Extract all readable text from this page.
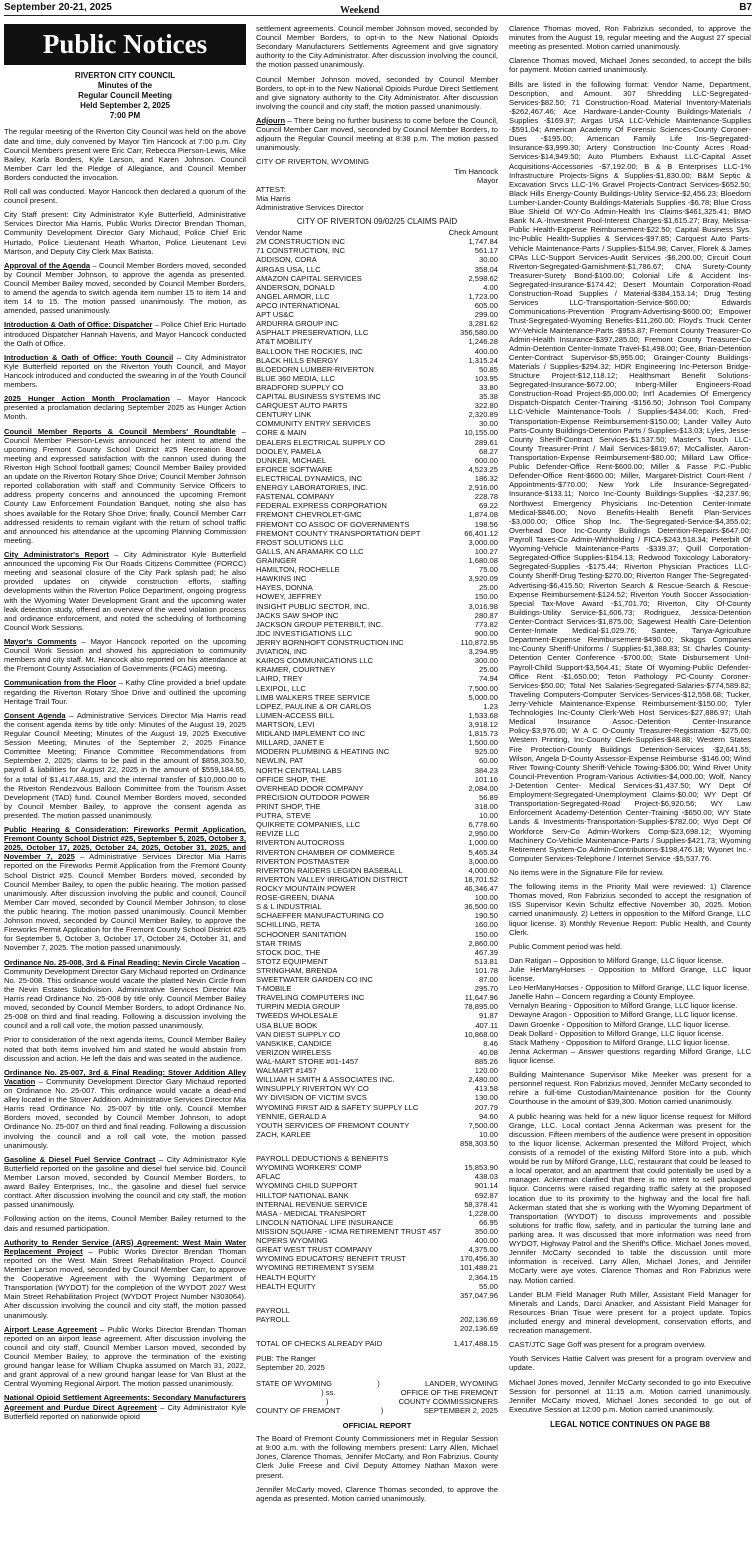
September 20-21, 2025	Weekend	B7
Public Notices
RIVERTON CITY COUNCIL
Minutes of the
Regular Council Meeting
Held September 2, 2025
7:00 PM

The regular meeting of the Riverton City Council was held on the above date and time, duly convened by Mayor Tim Hancock at 7:00 p.m. City Council Members present were Eric Carr, Rebecca Pierson-Lewis, Mike Bailey, Karla Borders, Kyle Larson, and Karen Johnson. Council Member Carr led the Pledge of Allegiance, and Council Member Borders conducted the invocation.

Roll call was conducted. Mayor Hancock then declared a quorum of the council present.

City Staff present: City Administrator Kyle Butterfield, Administrative Services Director Mia Harris, Public Works Director Brendan Thoman, Community Development Director Gary Michaud, Police Chief Eric Hurtado, Police Lieutenant Heath Wharton, Police Lieutenant Levi Martson, and Deputy City Clerk Max Batista.

Approval of the Agenda – Council Member Borders moved, seconded by Council Member Johnson, to approve the agenda as presented. Council Member Bailey moved, seconded by Council Member Borders, to amend the agenda to switch agenda item number 15 to item 14 and item 14 to 15. The motion passed unanimously. The motion, as amended, passed unanimously.

Introduction & Oath of Office: Dispatcher – Police Chief Eric Hurtado introduced Dispatcher Hannah Havens, and Mayor Hancock conducted the Oath of Office.

Introduction & Oath of Office: Youth Council – City Administrator Kyle Butterfield reported on the Riverton Youth Council, and Mayor Hancock introduced and conducted the swearing in of the Youth Council members.

2025 Hunger Action Month Proclamation – Mayor Hancock presented a proclamation declaring September 2025 as Hunger Action Month.

Council Member Reports & Council Members' Roundtable – Council Member Pierson-Lewis announced her intent to attend the upcoming Fremont County School District #25 Recreation Board meeting and expressed satisfaction with the cannon used during the Riverton High School football games; Council Member Bailey provided an update on the Riverton Rotary Shoe Drive; Council Member Johnson reported collaboration with staff and Community Service Officers to address property concerns and announced the upcoming Fremont County Law Enforcement Foundation Banquet, noting she also has shoes available for the Rotary Shoe Drive; finally, Council Member Carr addressed residents to remain vigilant with the return of school traffic and announced his attendance at the upcoming Planning Commission meeting.

City Administrator's Report – City Administrator Kyle Butterfield announced the upcoming Fix Our Roads Citizens Committee (FORCC) meeting and seasonal closure of the City Park splash pad; he also provided updates on citywide construction efforts, staffing developments within the Riverton Police Department, ongoing progress with the Wyoming Water Development Grant and the upcoming water leak detection study, offered an overview of the weed violation process and ordinance enforcement, and noted the scheduling of forthcoming Council Work Sessions.

Mayor's Comments – Mayor Hancock reported on the upcoming Council Work Session and showed his appreciation to community members and city staff. Mr. Hancock also reported on his attendance at the Fremont County Association of Governments (FCAG) meeting.

Communication from the Floor – Kathy Cline provided a brief update regarding the Riverton Rotary Shoe Drive and outlined the upcoming Heritage Trail Tour.

Consent Agenda – Administrative Services Director Mia Harris read the consent agenda items by title only: Minutes of the August 19, 2025 Regular Council Meeting; Minutes of the August 19, 2025 Executive Session Meeting; Minutes of the September 2, 2025 Finance Committee Meeting; Finance Committee Recommendations from September 2, 2025; claims to be paid in the amount of $858,303.50, payroll & liabilities for August 22, 2025 in the amount of $559,184.65, for a total of $1,417,488.15, and the internal transfer of $10,000.00 to the Riverton Rendezvous Balloon Committee from the Tourism Asset Development (TAD) fund. Council Member Borders moved, seconded by Council Member Bailey, to approve the consent agenda as presented. The motion passed unanimously.

Public Hearing & Consideration: Fireworks Permit Application, Fremont County School District #25, September 5, 2025, October 3, 2025, October 17, 2025, October 24, 2025, October 31, 2025, and November 7, 2025 – Administrative Services Director Mia Harris reported on the Fireworks Permit Application from the Fremont County School District #25. Council Member Borders moved, seconded by Council Member Bailey, to open the public hearing. The motion passed unanimously. After discussion involving the public and council, Council Member Carr moved, seconded by Council Member Johnson, to close the public hearing. The motion passed unanimously. Council Member Johnson moved, seconded by Council Member Bailey, to approve the Fireworks Permit Application for the Fremont County School District #25 for September 5, October 3, October 17, October 24, October 31, and November 7, 2025. The motion passed unanimously.

Ordinance No. 25-008, 3rd & Final Reading: Nevin Circle Vacation – Community Development Director Gary Michaud reported on Ordinance No. 25-008. This ordinance would vacate the platted Nevin Circle from the Nevin Estates Subdivision. Administrative Services Director Mia Harris read Ordinance No. 25-008 by title only. Council Member Bailey moved, seconded by Council Member Borders, to adopt Ordinance No. 25-008 on third and final reading. Following a discussion involving the council and a roll call vote, the motion passed unanimously.

Prior to consideration of the next agenda items, Council Member Bailey noted that both items involved him and stated he would abstain from discussion and action. He left the dais and was seated in the audience.

Ordinance No. 25-007, 3rd & Final Reading: Stover Addition Alley Vacation – Community Development Director Gary Michaud reported on Ordinance No. 25-007. This ordinance would vacate a dead-end alley located in the Stover Addition. Administrative Services Director Mia Harris read Ordinance No. 25-007 by title only. Council Member Borders moved, seconded by Council Member Johnson, to adopt Ordinance No. 25-007 on third and final reading. Following a discussion involving the council and a roll call vote, the motion passed unanimously.

Gasoline & Diesel Fuel Service Contract – City Administrator Kyle Butterfield reported on the gasoline and diesel fuel service bid. Council Member Larson moved, seconded by Council Member Borders, to award Bailey Enterprises, Inc., the gasoline and diesel fuel service contract. After discussion involving the council and city staff, the motion passed unanimously.

Following action on the items, Council Member Bailey returned to the dais and resumed participation.

Authority to Render Service (ARS) Agreement: West Main Water Replacement Project – Public Works Director Brendan Thoman reported on the West Main Street Rehabilitation Project. Council Member Larson moved, seconded by Council Member Carr, to approve the Cooperative Agreement with the Wyoming Department of Transportation (WYDOT) for the completion of the WYDOT 2027 West Main Street Rehabilitation Project (WYDOT Project Number N303064). After discussion involving the council and city staff, the motion passed unanimously.

Airport Lease Agreement – Public Works Director Brendan Thoman reported on an airport lease agreement. After discussion involving the council and city staff, Council Member Larson moved, seconded by Council Member Bailey, to approve the termination of the existing ground hangar lease for William Chupka assumed on March 31, 2022, and grant approval of a new ground hangar lease for Van Blust at the Central Wyoming Regional Airport. The motion passed unanimously.

National Opioid Settlement Agreements: Secondary Manufacturers Agreement and Purdue Direct Agreement – City Administrator Kyle Butterfield reported on nationwide opioid

settlement agreements. Council member Johnson moved, seconded by Council Member Borders, to opt-in to the New National Opioids Secondary Manufacturers Settlements Agreement and give signatory authority to the City Administrator. After discussion involving the council, the motion passed unanimously.

Council Member Johnson moved, seconded by Council Member Borders, to opt-in to the New National Opioids Purdue Direct Settlement and give signatory authority to the City Administrator. After discussion involving the council and city staff, the motion passed unanimously.

Adjourn – There being no further business to come before the Council, Council Member Carr moved, seconded by Council Member Borders, to adjourn the Regular Council meeting at 8:38 p.m. The motion passed unanimously.

CITY OF RIVERTON, WYOMING
Tim Hancock
Mayor
ATTEST:
Mia Harris
Administrative Services Director
CITY OF RIVERTON 09/02/25 CLAIMS PAID
Vendor Name	Check Amount
2M CONSTRUCTION INC	1,747.84
71 CONSTRUCTION, INC	561.17
ADDISON, CORA	30.00
AIRGAS USA, LLC	358.04
AMAZON CAPITAL SERVICES	2,598.62
ANDERSON, DONALD	4.00
ANGEL ARMOR, LLC	1,723.00
APCO INTERNATIONAL	605.00
APT US&C	299.00
ARDURRA GROUP INC	3,281.62
ASPHALT PRESERVATION, LLC	356,580.00
AT&T MOBILITY	1,246.28
BALLOON THE ROCKIES, INC	400.00
BLACK HILLS ENERGY	1,315.24
BLOEDORN LUMBER-RIVERTON	50.85
BLUE 360 MEDIA, LLC	103.95
BRADFORD SUPPLY CO	33.80
CAPITAL BUSINESS SYSTEMS INC	35.38
CARQUEST AUTO PARTS	322.80
CENTURY LINK	2,320.89
COMMUNITY ENTRY SERVICES	30.00
CORE & MAIN	10,155.00
DEALERS ELECTRICAL SUPPLY CO	289.61
DOOLEY, PAMELA	68.27
DUNKER, MICHAEL	600.00
EFORCE SOFTWARE	4,523.25
ELECTRICAL DYNAMICS, INC	186.32
ENERGY LABORATORIES, INC.	2,916.00
FASTENAL COMPANY	228.78
FEDERAL EXPRESS CORPORATION	69.22
FREMONT CHEVROLET-GMC	1,874.08
FREMONT CO ASSOC OF GOVERNMENTS	198.56
FREMONT COUNTY TRANSPORTATION DEPT	66,401.12
FROST SOLUTIONS LLC	3,000.00
GALLS, AN ARAMARK CO LLC	100.27
GRAINGER	1,680.08
HAMILTON, ROCHELLE	75.00
HAWKINS INC	3,920.09
HAYES, DONNA	25.00
HOWEY, JEFFREY	150.00
INSIGHT PUBLIC SECTOR, INC.	3,016.98
JACKS SAW SHOP INC	280.87
JACKSON GROUP PETERBILT, INC.	773.82
JDC INVESTIGATIONS LLC	900.00
JERRY BORNHOFT CONSTRUCTION INC	110,872.95
JVIATION, INC	3,294.95
KAIROS COMMUNICATIONS LLC	300.00
KRAMER, COURTNEY	25.00
LAIRD, TREY	74.94
LEXIPOL, LLC	7,500.00
LIMB WALKERS TREE SERVICE	5,000.00
LOPEZ, PAULINE & OR CARLOS	1.23
LUMEN-ACCESS BILL	1,533.68
MARTSON, LEVI	3,918.12
MIDLAND IMPLEMENT CO INC	1,815.73
MILLARD, JANET E	1,500.00
MODERN PLUMBING & HEATING INC	925.00
NEWLIN, PAT	60.00
NORTH CENTRAL LABS	384.23
OFFICE SHOP, THE	101.16
OVERHEAD DOOR COMPANY	2,084.00
PRECISION OUTDOOR POWER	56.89
PRINT SHOP, THE	318.00
PUTRA, STEVE	10.00
QUIKRETE COMPANIES, LLC	6,778.60
REVIZE LLC	2,950.00
RIVERTON AUTOCROSS	1,000.00
RIVERTON CHAMBER OF COMMERCE	5,465.34
RIVERTON POSTMASTER	3,000.00
RIVERTON RAIDERS LEGION BASEBALL	4,000.00
RIVERTON VALLEY IRRIGATION DISTRICT	18,701.52
ROCKY MOUNTAIN POWER	46,346.47
ROSE-GREEN, DIANA	100.00
S & L INDUSTRIAL	36,500.00
SCHAEFFER MANUFACTURING CO	190.50
SCHILLING, RETA	160.00
SCHOONER SANITATION	150.00
STAR TRIMS	2,860.00
STOCK DOC, THE	467.39
STOTZ EQUIPMENT	513.81
STRINGHAM, BRENDA	101.78
SWEETWATER GARDEN CO INC	87.00
T-MOBILE	295.70
TRAVELING COMPUTERS INC	11,647.96
TURPIN MEDIA GROUP	78,895.00
TWEEDS WHOLESALE	91.87
USA BLUE BOOK	407.11
VAN DIEST SUPPLY CO	10,868.00
VANSKIKE, CANDICE	8.46
VERIZON WIRELESS	40.08
WAL-MART STORE #01-1457	885.26
WALMART #1457	120.00
WILLIAM H SMITH & ASSOCIATES INC.	2,480.00
WINSUPPLY RIVERTON WY CO	413.58
WY DIVISION OF VICTIM SVCS	130.00
WYOMING FIRST AID & SAFETY SUPPLY LLC	207.79
YENNIE, GERALD A	94.60
YOUTH SERVICES OF FREMONT COUNTY	7,500.00
ZACH, KARLEE	10.00
858,303.50
PAYROLL DEDUCTIONS & BENEFITS
WYOMING WORKERS' COMP	15,853.90
AFLAC	438.03
WYOMING CHILD SUPPORT	901.14
HILLTOP NATIONAL BANK	692.87
INTERNAL REVENUE SERVICE	58,378.41
MASA - MEDICAL TRANSPORT	1,228.00
LINCOLN NATIONAL LIFE INSURANCE	66.95
MISSION SQUARE - ICMA RETIREMENT TRUST 457	350.00
NCPERS WYOMING	400.00
GREAT WEST TRUST COMPANY	4,375.00
WYOMING EDUCATORS' BENEFIT TRUST	170,456.30
WYOMING RETIREMENT SYSEM	101,488.21
HEALTH EQUITY	2,364.15
HEALTH EQUITY	55.00
357,047.96
PAYROLL
PAYROLL	202,136.69
202,136.69
TOTAL OF CHECKS ALREADY PAID	1,417,488.15
PUB: The Ranger
September 20, 2025
STATE OF WYOMING	)	LANDER, WYOMING
) ss.	OFFICE OF THE FREMONT
)	COUNTY COMMISSIONERS
COUNTY OF FREMONT	)	SEPTEMBER 2, 2025
OFFICIAL REPORT

The Board of Fremont County Commissioners met in Regular Session at 9:00 a.m. with the following members present: Larry Allen, Michael Jones, Clarence Thomas, Jennifer McCarty, and Ron Fabrizius. County Clerk Julie Freese and Civil Deputy Attorney Nathan Maxon were present.

Jennifer McCarty moved, Clarence Thomas seconded, to approve the agenda as presented. Motion carried unanimously.

Clarence Thomas moved, Ron Fabrizius seconded, to approve the minutes from the August 19, regular meeting and the August 27 special meeting as presented. Motion carried unanimously.

Clarence Thomas moved, Michael Jones seconded, to accept the bills for payment. Motion carried unanimously.

Bills are listed in the following format: Vendor Name, Department, Description, and Amount. 307 Shredding LLC-Segregated-Services-$82.50; 71 Construction-Road Material Inventory-Materials -$262,467.46; Ace Hardware-Lander-County Buildings-Materials / Supplies -$169.97; Airgas USA LLC-Vehicle Maintenance-Supplies -$591.04; American Academy Of Forensic Sciences-County Coroner-Dues -$195.00; American Family Life Ins-Segregated-Insurance-$3,999.30; Artery Construction Inc-County Acres Road-Services-$14,949.50; Auto Plumbers Exhaust LLC-Capital Asset Acquisitions-Accessories -$7,192.00; B & B Enterprises LLC-1% Infrastructure Projects-Signs & Supplies-$1,830.00; B&M Septic & Excavation Srvcs LLC-1% Gravel Projects-Contract Services-$652.50; Black Hills Energy-County Buildings-Utility Service-$2,456.23; Bloedorn Lumber-Lander-County Buildings-Materials Supplies -$6.78; Blue Cross Blue Shield Of WY-Co Admin-Health Ins Claims-$461,325.41; BMO Bank N.A.-Investment Pool-Interest Charges-$1,615.27; Bray, Melissa-Public Health-Expense Reimbursement-$22.50; Capital Business Sys. Inc-Public Health-Supplies & Services-$97.85; Carquest Auto Parts-Vehicle Maintenance-Parts / Supplies-$154.98; Carver, Florek & James CPAs LLC-Support Services-Audit Services -$6,200.00; Circuit Court Riverton-Segregated-Garnishment-$1,786.67; CNA Surety-County Treasurer-Surety Bond-$100.00; Colonial Life & Accident Ins-Segregated-Insurance-$174.42; Desert Mountain Corporation-Road Construction-Road Supplies / Material-$384,153.14; Drug Testing Services LLC-Transportation-Service-$60.00; Edwards Communications-Prevention Program-Advertising-$600.00; Empower Trust-Segregated-Wyoming Benefits-$11,260.00; Floyd's Truck Center WY-Vehicle Maintenance-Parts -$953.87; Fremont County Treasurer-Co Admin-Health Insurance-$397,285.00; Fremont County Treasurer-Co Admin-Detention Center-Inmate Travel-$1,498.00; Gee, Brian-Detention Center-Contract Supervisor-$5,955.00; Grainger-County Buildings-Materials / Supplies-$294.32; HDR Engineering Inc-Peterson Bridge-Structure Project-$12,118.12; Healthsmart Benefit Solutions-Segregated-Insurance-$672.00; Inberg-Miller Engineers-Road Construction-Road Project-$5,000.00; Int'l Academies Of Emergency Dispatch-Dispatch Center-Training -$156.50; Johnson Tool Company LLC-Vehicle Maintenance-Tools / Supplies-$434.00; Koch, Fred-Transportation-Expense Reimbursement-$150.00; Lander Valley Auto Parts-County Buildings-Detention Parts / Supplies-$13.03; Lyles, Jesse-County Sheriff-Contract Services-$1,537.50; Master's Touch LLC-County Treasurer-Print / Mail Services-$819.67; McCallister, Aaron-Transportation-Expense Reimbursement-$80.00; Millard Law Office-Public Defender-Office Rent-$600.00; Miller & Fasse P.C.-Public Defender-Office Rent-$600.00; Miller, Margaret-District Court-Rent / Appointments-$770.00; New York Life Insurance-Segregated-Insurance-$133.11; Norco Inc-County Buildings-Supplies -$2,237.96; Northwest Emergency Physicians Inc-Detention Center-Inmate Medical-$846.00; Novo Benefits-Health Benefit Plan-Services -$3,000.00; Office Shop Inc. The-Segregated-Service-$4,355.02; Overhead Door Inc-County Buildings Detention-Repairs-$647.00; Payroll Taxes-Co Admin-Withholding / FICA-$243,518.34; Peterbilt Of Wyoming-Vehicle Maintenance-Parts -$339.37; Quill Corporation-Segregated-Office Supplies-$154.13; Redwood Toxicology Laboratory-Segregated-Supplies -$175.44; Riverton Physician Practices LLC-County Sheriff-Drug Testing-$270.00; Riverton Ranger The-Segregated-Advertising-$6,415.50; Riverton Search & Rescue-Search & Rescue-Expense Reimbursement-$124.52; Riverton Youth Soccer Association-Special Tax-Move Award -$1,701.70; Riverton, City Of-County Buildings-Utility Service-$1,606.73; Rodriguez, Jessica-Detention Center-Contract Services-$1,875.00; Sagewest Health Care-Detention Center-Inmate Medical-$1,029.76; Santee, Tanya-Agriculture Department-Expense Reimbursement-$490.00; Skaggs Companies Inc-County Sheriff-Uniforms / Supplies-$1,388.83; St. Charles County-Detention Center Conference -$700.00; State Disbursement Unit-Payroll-Child Support-$3,564.41; State Of Wyoming-Public Defender-Office Rent -$1,650.00; Teton Pathology PC-County Coroner-Services-$50.00; Total Net Salaries-Segregated-Salaries-$774,589.82; Traveling Computers-Computer Services-Services-$12,558.68; Tucker, Jerry-Vehicle Maintenance-Expense Reimbursement-$150.00; Tyler Technologies Inc-County Clerk-Web Host Services-$27,886.97; Utah Medical Insurance Assoc.-Detention Center-Insurance Policy-$3,976.00; W A C O-County Treasurer-Registration -$275.00; Western Printing, Inc-County Clerk-Supplies-$48.88; Western States Fire Protection-County Buildings Detention-Services -$2,641.55; Wilson, Angela D-County Assessor-Expense Reimburse -$146.00; Wind River Towing-County Sheriff-Vehicle Towing-$306.00; Wind River Unity Council-Prevention Program-Various Activities-$4,000.00; Wolf, Nancy J-Detention Center- Medical Services-$1,437.50; WY Dept Of Employment-Segregated-Unemployment Claims-$0.00; WY Dept Of Transportation-Segregated-Road Project-$6,920.56; WY Law Enforcement Academy-Detention Center-Training -$650.00; WY State Lands & Investments-Transportation-Supplies-$782.00; Wyo Dept Of Workforce Serv-Co Admin-Workers Comp-$23,698.12; Wyoming Machinery Co-Vehicle Maintenance-Parts / Supplies-$421.73; Wyoming Retirement System-Co Admin-Contributions-$198,476.18; Wyonet Inc.-Computer Services-Telephone / Internet Service -$5,537.76.

No items were in the Signature File for review.

The following items in the Priority Mail were reviewed: 1) Clarence Thomas moved, Ron Fabrizius seconded to accept the resignation of ISS Supervisor Kevin Schultz effective November 30, 2025. Motion carried unanimously. 2) Letters in opposition to the Milford Grange, LLC liquor license. 3) Monthly Revenue Report: Public Health, and County Clerk.

Public Comment period was held.

Dan Ratigan – Opposition to Milford Grange, LLC liquor license.
Julie HerManyHorses - Opposition to Milford Grange, LLC liquor license.
Leo HerManyHorses - Opposition to Milford Grange, LLC liquor license.
Janelle Hahn – Concern regarding a County Employee.
Vernalyn Bearing - Opposition to Milford Grange, LLC liquor license.
Dewayne Aragon - Opposition to Milford Grange, LLC liquor license.
Dawn Groenke - Opposition to Milford Grange, LLC liquor license.
Deak Dollard - Opposition to Milford Grange, LLC liquor license.
Stack Matheny - Opposition to Milford Grange, LLC liquor license.
Jenna Ackerman – Answer questions regarding Milford Grange, LLC liquor license.

Building Maintenance Supervisor Mike Meeker was present for a personnel request. Ron Fabrizius moved, Jennifer McCarty seconded to rehire a full-time Custodian/Maintenance position for the County Courthouse in the amount of $39,300. Motion carried unanimously.

A public hearing was held for a new liquor license request for Milford Grange, LLC. Local contact Jenna Ackerman was present for the discussion. Fifteen members of the audience were present in opposition to the liquor license. Ackerman presented the Milford Project, which consists of a remodel of the existing Milford Store into a pub, which would be run by Milford Grange, LLC, restaurant that could be leased to a local operator, and an apartment that could potentially be used by a manager. Ackerman clarified that there is no intent to sell packaged liquor. Concerns were raised regarding traffic safety at the proposed location due to its proximity to the highway and the local fire hall. Ackerman stated that she is working with the Wyoming Department of Transportation (WYDOT) to discuss improvements and possible solutions for traffic flow, safety, and in particular the turning lane and parking area. It was discussed that more information was need from WYDOT, Highway Patrol and the Sheriff's Office. Michael Jones moved, Jennifer McCarty seconded to table the discussion until more information is received. Larry Allen, Michael Jones, and Jennifer McCarty were aye votes. Clarence Thomas and Ron Fabrizius were nay. Motion carried.

Lander BLM Field Manager Ruth Miller, Assistant Field Manager for Minerals and Lands, Darci Anacker, and Assistant Field Manager for Resources Brian Tisue were present for a project update. Topics included energy and mineral development, conservation efforts, and recreation management.

CAST/JTC Sage Goff was present for a program overview.

Youth Services Hattie Calvert was present for a program overview and update.

Michael Jones moved, Jennifer McCarty seconded to go into Executive Session for personnel at 11:15 a.m. Motion carried unanimously. Jennifer McCarty moved, Michael Jones seconded to go out of Executive Session at 12:00 p.m. Motion carried unanimously.

LEGAL NOTICE CONTINUES ON PAGE B8
